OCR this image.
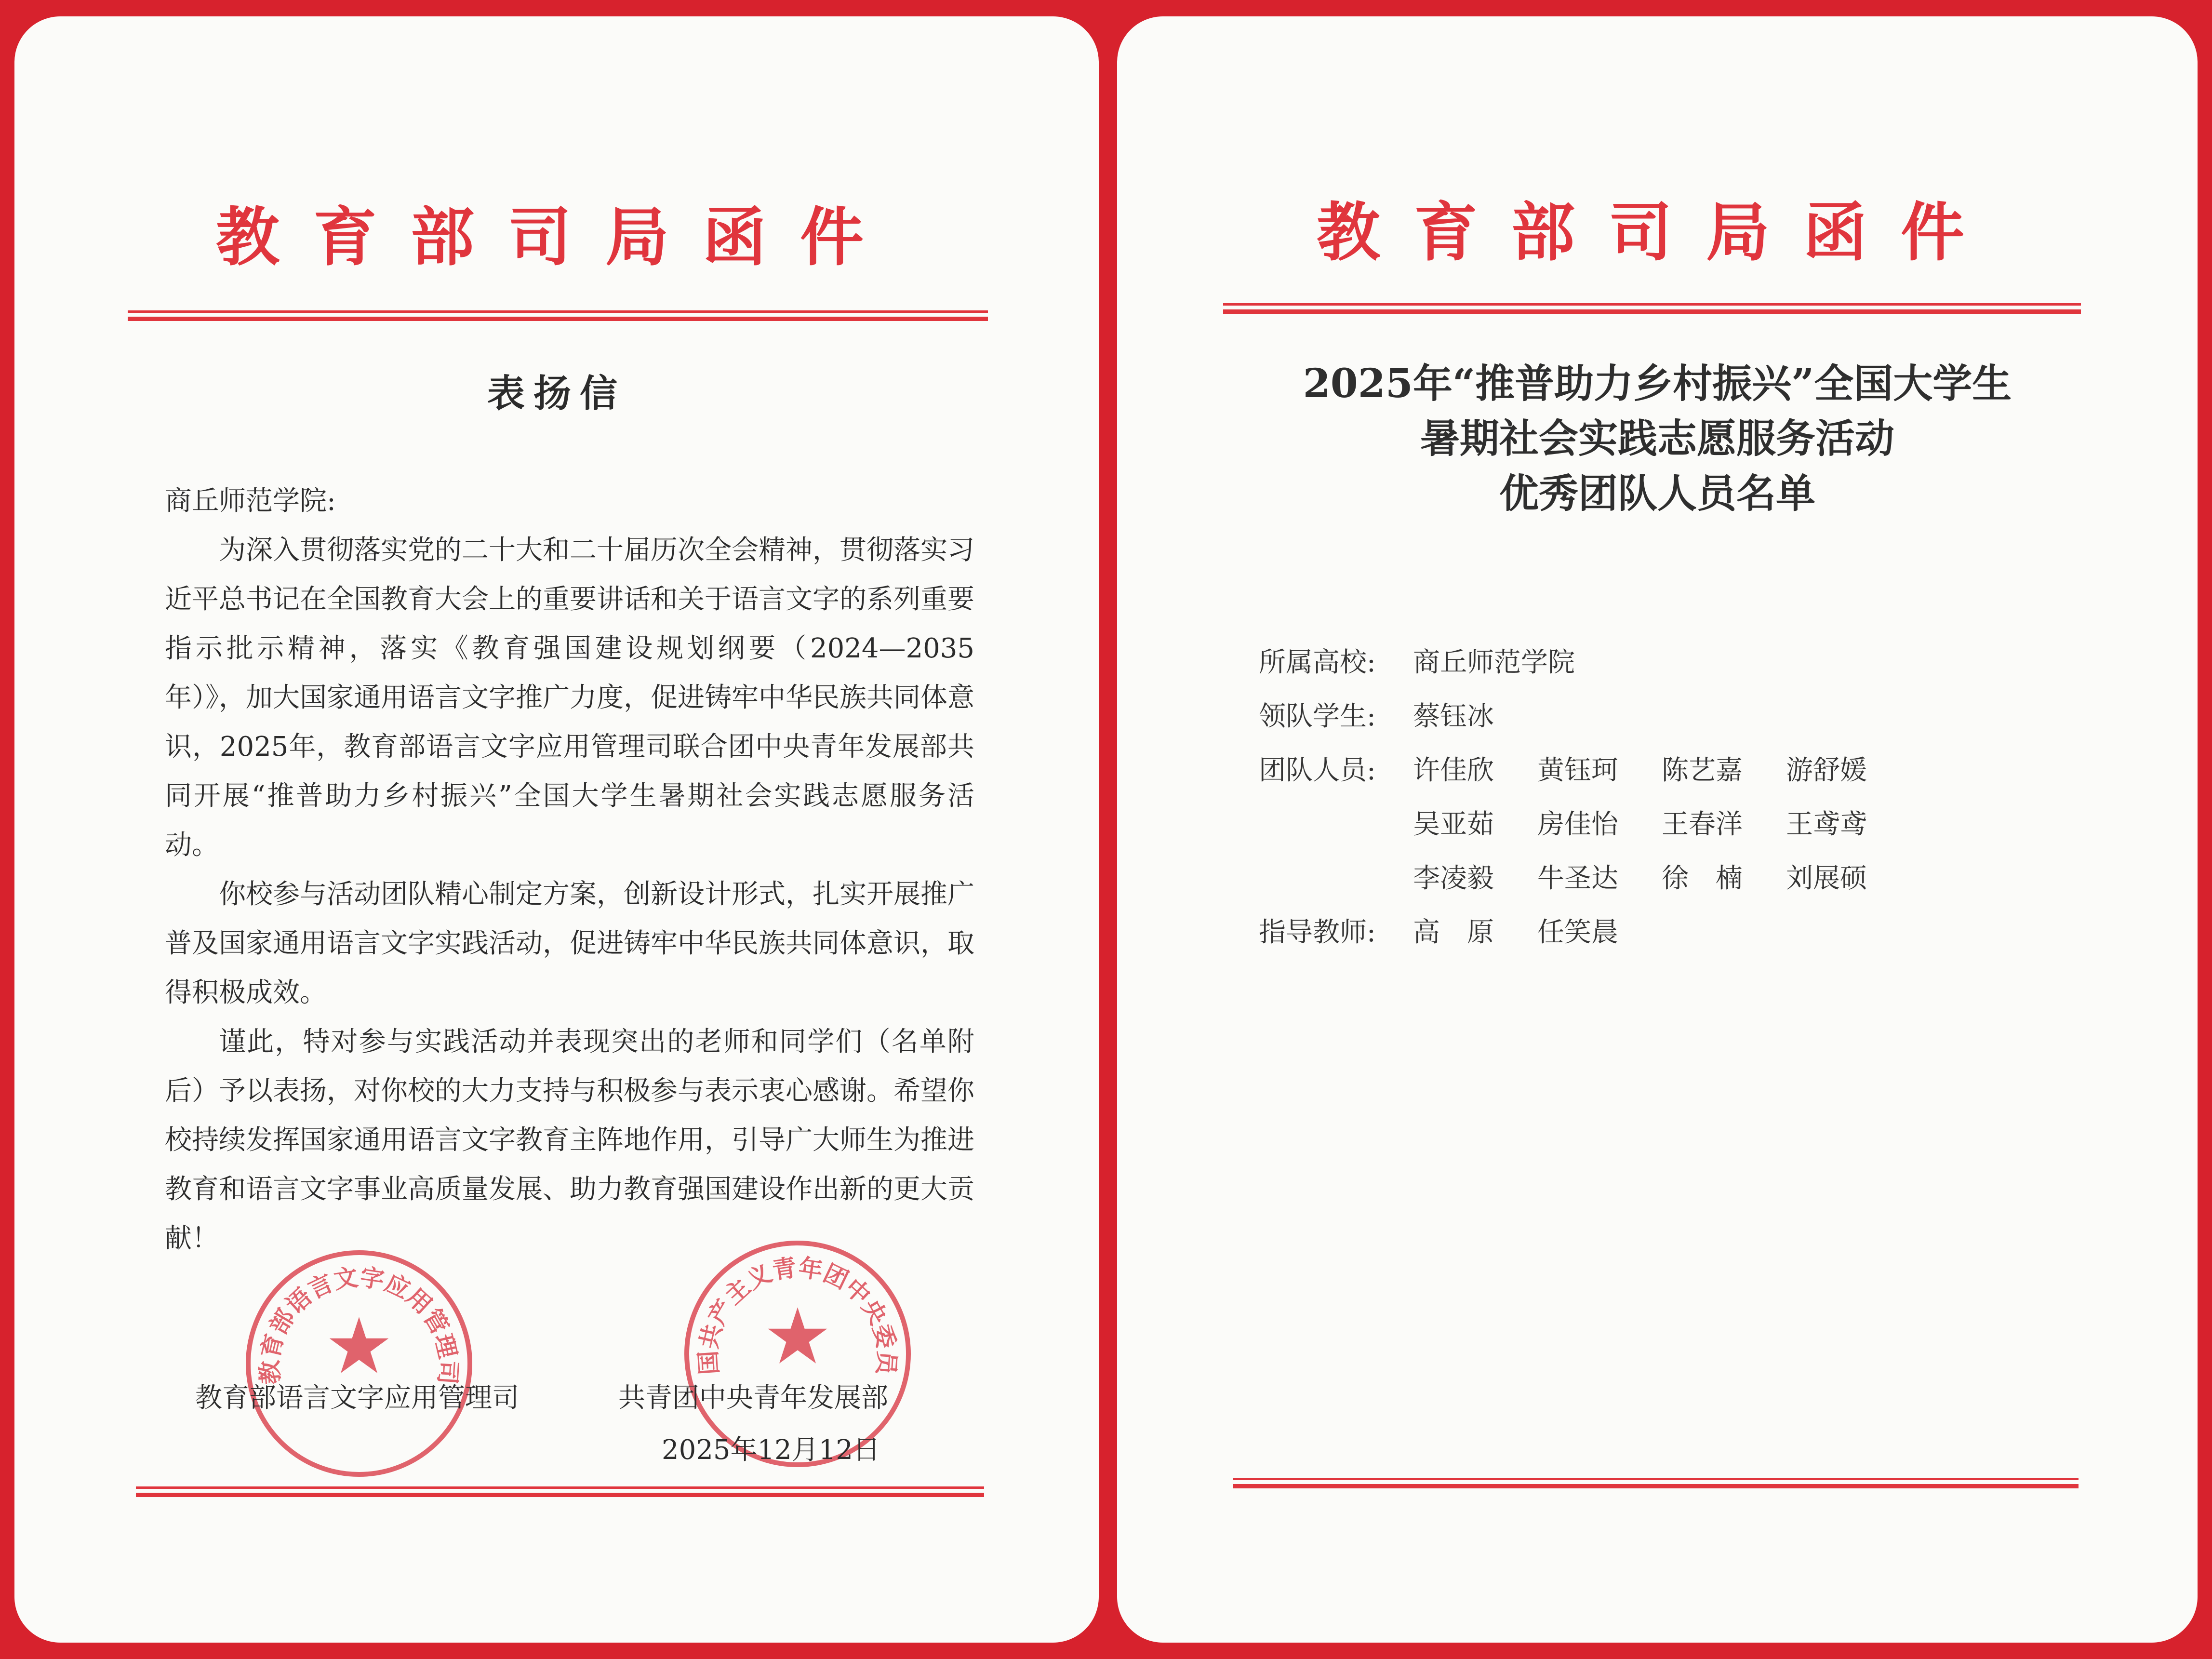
教育部司局函件
表扬信

商丘师范学院:

为深入贯彻落实党的二十大和二十届历次全会精神，贯彻落实习近平总书记在全国教育大会上的重要讲话和关于语言文字的系列重要指示批示精神，落实《教育强国建设规划纲要（2024—2035年）》，加大国家通用语言文字推广力度，促进铸牢中华民族共同体意识，2025年，教育部语言文字应用管理司联合团中央青年发展部共同开展“推普助力乡村振兴”全国大学生暑期社会实践志愿服务活动。

你校参与活动团队精心制定方案，创新设计形式，扎实开展推广普及国家通用语言文字实践活动，促进铸牢中华民族共同体意识，取得积极成效。

谨此，特对参与实践活动并表现突出的老师和同学们（名单附后）予以表扬，对你校的大力支持与积极参与表示衷心感谢。希望你校持续发挥国家通用语言文字教育主阵地作用，引导广大师生为推进教育和语言文字事业高质量发展、助力教育强国建设作出新的更大贡献！

教育部语言文字应用管理司
★
中国共产主义青年团中央委员会
★
教育部语言文字应用管理司	共青团中央青年发展部
2025年12月12日
教育部司局函件
2025年“推普助力乡村振兴”全国大学生
暑期社会实践志愿服务活动
优秀团队人员名单
所属高校:	商丘师范学院
领队学生:	蔡钰冰
团队人员:	许佳欣 黄钰珂 陈艺嘉 游舒媛
吴亚茹 房佳怡 王春洋 王鸢鸢
李凌毅 牛圣达 徐　楠 刘展硕
指导教师:	高　原 任笑晨
